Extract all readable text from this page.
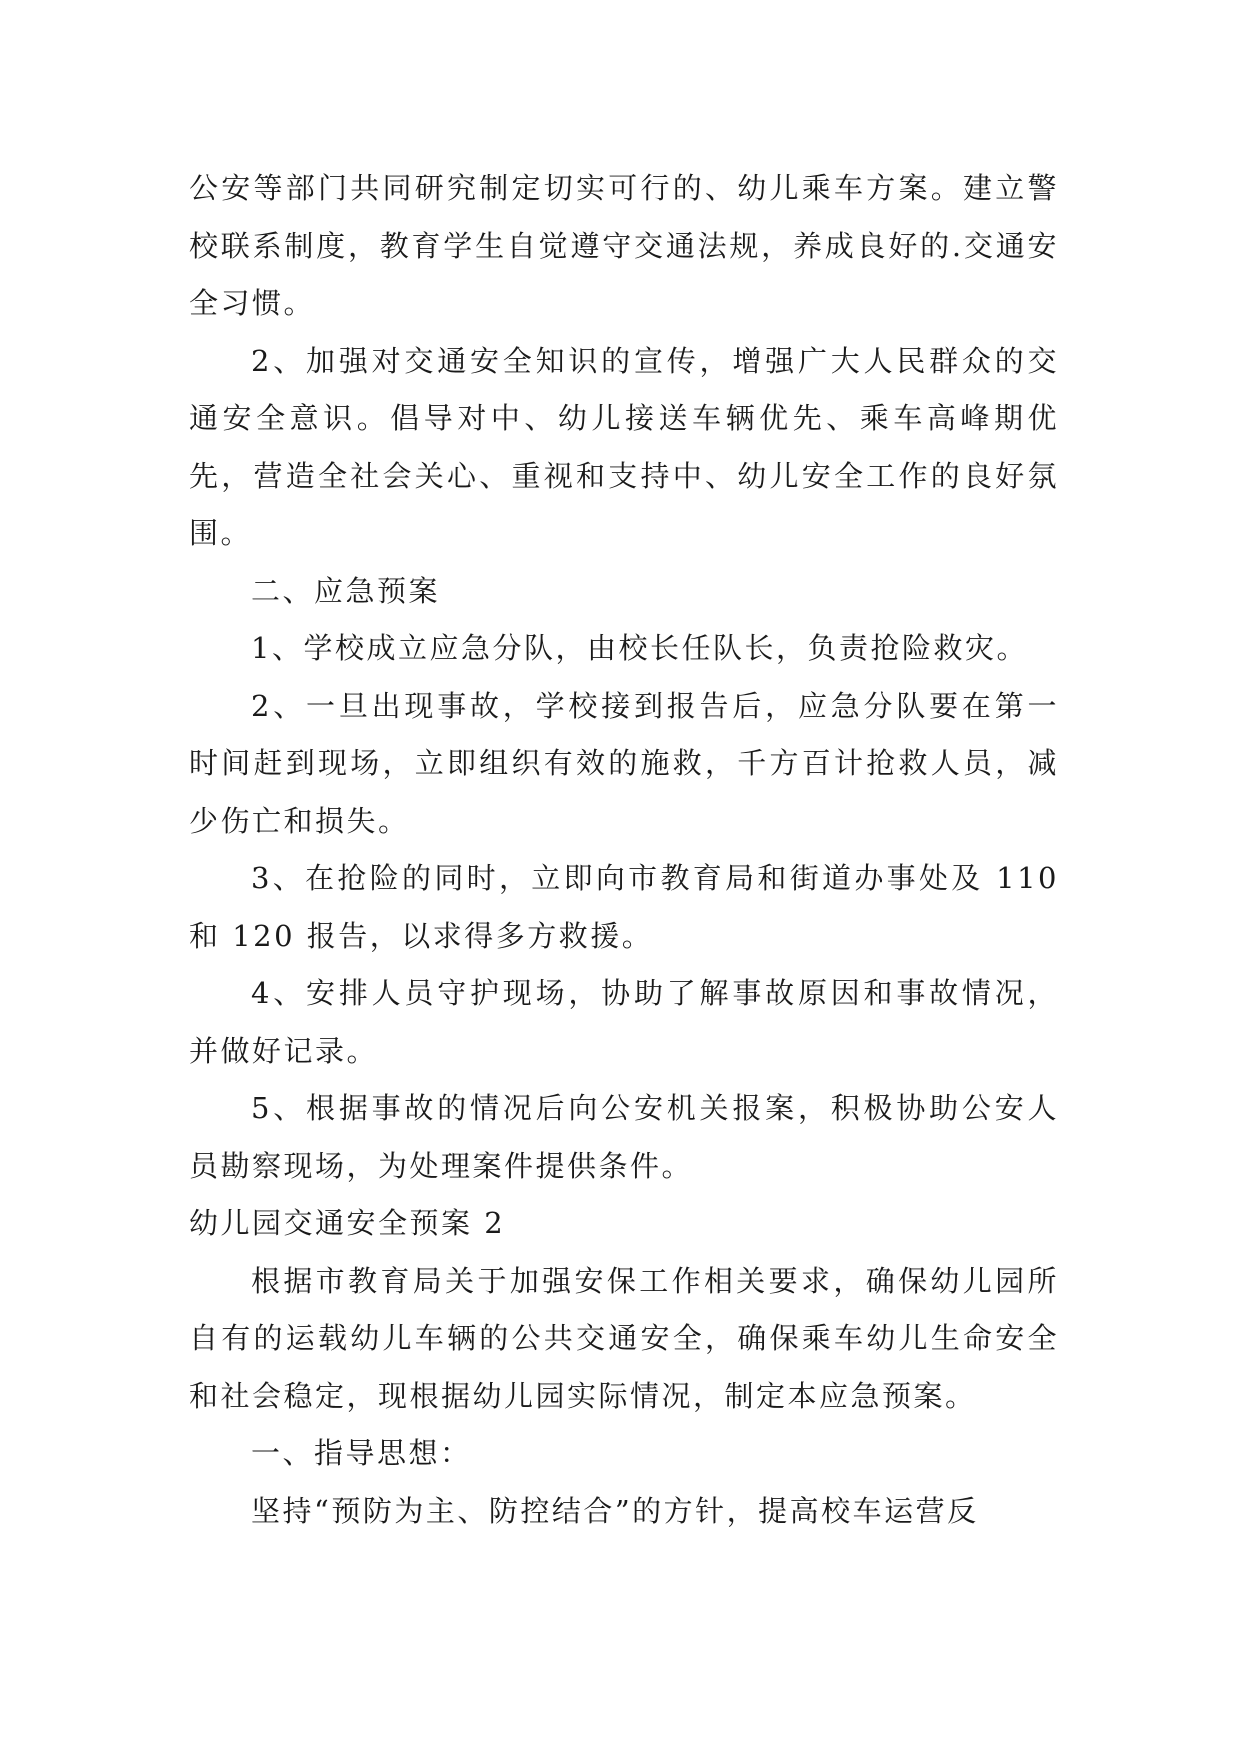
公安等部门共同研究制定切实可行的、幼儿乘车方案。建立警校联系制度，教育学生自觉遵守交通法规，养成良好的.交通安全习惯。

2、加强对交通安全知识的宣传，增强广大人民群众的交通安全意识。倡导对中、幼儿接送车辆优先、乘车高峰期优先，营造全社会关心、重视和支持中、幼儿安全工作的良好氛围。

二、应急预案

1、学校成立应急分队，由校长任队长，负责抢险救灾。

2、一旦出现事故，学校接到报告后，应急分队要在第一时间赶到现场，立即组织有效的施救，千方百计抢救人员，减少伤亡和损失。

3、在抢险的同时，立即向市教育局和街道办事处及 110 和 120 报告，以求得多方救援。

4、安排人员守护现场，协助了解事故原因和事故情况，并做好记录。

5、根据事故的情况后向公安机关报案，积极协助公安人员勘察现场，为处理案件提供条件。

幼儿园交通安全预案 2

根据市教育局关于加强安保工作相关要求，确保幼儿园所自有的运载幼儿车辆的公共交通安全，确保乘车幼儿生命安全和社会稳定，现根据幼儿园实际情况，制定本应急预案。

一、指导思想：

坚持“预防为主、防控结合”的方针，提高校车运营反
